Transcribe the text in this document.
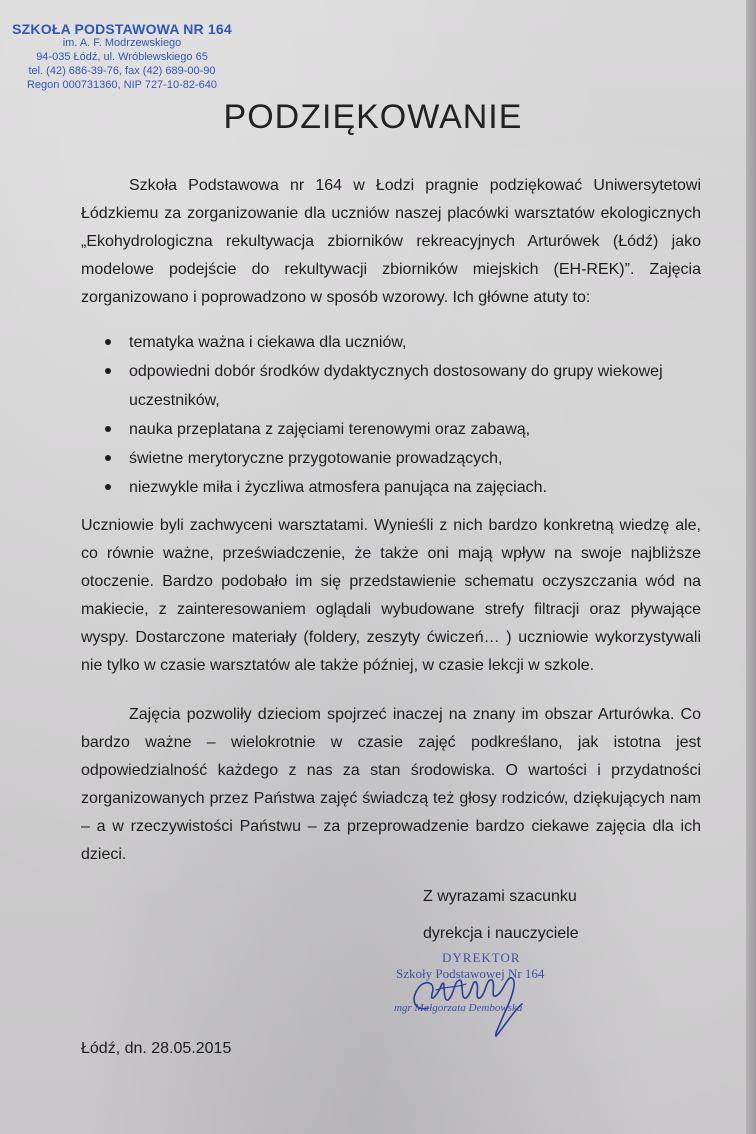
SZKOŁA PODSTAWOWA NR 164
im. A. F. Modrzewskiego
94-035 Łódź, ul. Wróblewskiego 65
tel. (42) 686-39-76, fax (42) 689-00-90
Regon 000731360, NIP 727-10-82-640
PODZIĘKOWANIE
Szkoła Podstawowa nr 164 w Łodzi pragnie podziękować Uniwersytetowi Łódzkiemu za zorganizowanie dla uczniów naszej placówki warsztatów ekologicznych „Ekohydrologiczna rekultywacja zbiorników rekreacyjnych Arturówek (Łódź) jako modelowe podejście do rekultywacji zbiorników miejskich (EH-REK)”. Zajęcia zorganizowano i poprowadzono w sposób wzorowy. Ich główne atuty to:
tematyka ważna i ciekawa dla uczniów,
odpowiedni dobór środków dydaktycznych dostosowany do grupy wiekowej uczestników,
nauka przeplatana z zajęciami terenowymi oraz zabawą,
świetne merytoryczne przygotowanie prowadzących,
niezwykle miła i życzliwa atmosfera panująca na zajęciach.
Uczniowie byli zachwyceni warsztatami. Wynieśli z nich bardzo konkretną wiedzę ale, co równie ważne, przeświadczenie, że także oni mają wpływ na swoje najbliższe otoczenie. Bardzo podobało im się przedstawienie schematu oczyszczania wód na makiecie, z zainteresowaniem oglądali wybudowane strefy filtracji oraz pływające wyspy. Dostarczone materiały (foldery, zeszyty ćwiczeń… ) uczniowie wykorzystywali nie tylko w czasie warsztatów ale także później, w czasie lekcji w szkole.
Zajęcia pozwoliły dzieciom spojrzeć inaczej na znany im obszar Arturówka. Co bardzo ważne – wielokrotnie w czasie zajęć podkreślano, jak istotna jest odpowiedzialność każdego z nas za stan środowiska. O wartości i przydatności zorganizowanych przez Państwa zajęć świadczą też głosy rodziców, dziękujących nam – a w rzeczywistości Państwu – za przeprowadzenie bardzo ciekawe zajęcia dla ich dzieci.
Z wyrazami szacunku
dyrekcja i nauczyciele
DYREKTOR
Szkoły Podstawowej Nr 164
mgr Małgorzata Dembowska
Łódź, dn. 28.05.2015
